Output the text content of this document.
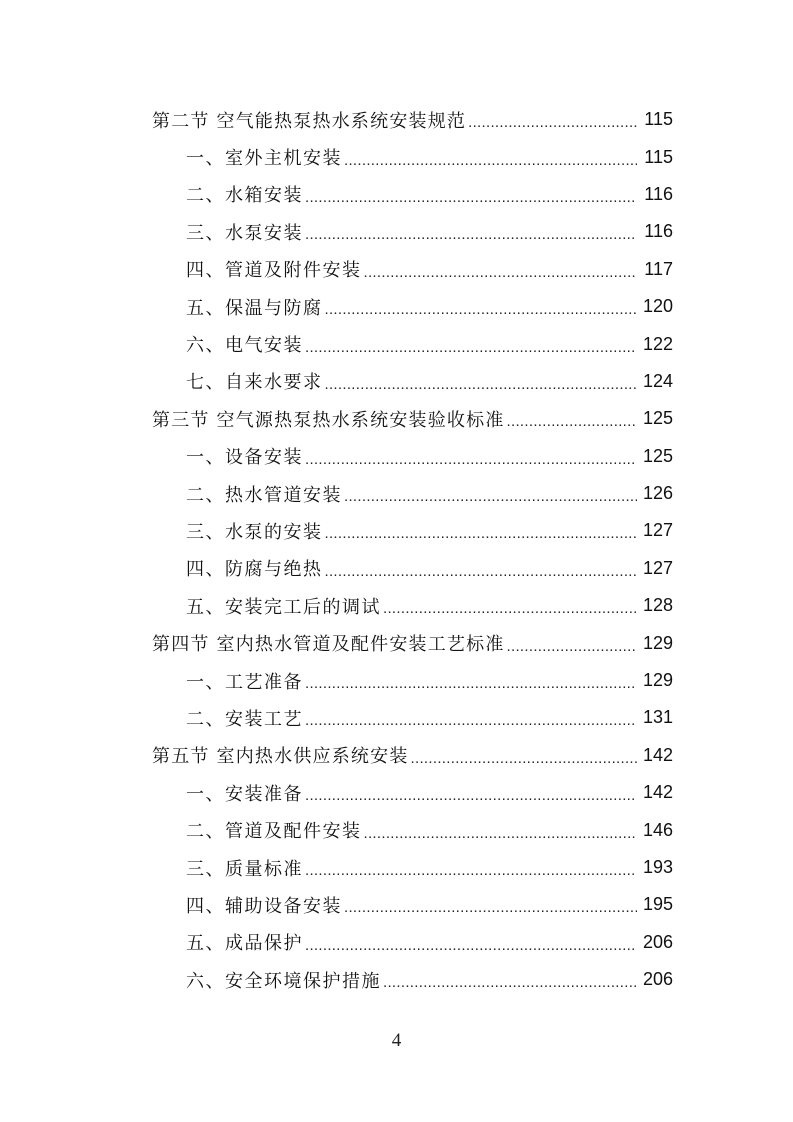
第二节 空气能热泵热水系统安装规范 .....	115
一、室外主机安装 .....	115
二、水箱安装 .....	116
三、水泵安装 .....	116
四、管道及附件安装 .....	117
五、保温与防腐 .....	120
六、电气安装 .....	122
七、自来水要求 .....	124
第三节 空气源热泵热水系统安装验收标准 .....	125
一、设备安装 .....	125
二、热水管道安装 .....	126
三、水泵的安装 .....	127
四、防腐与绝热 .....	127
五、安装完工后的调试 .....	128
第四节 室内热水管道及配件安装工艺标准 .....	129
一、工艺准备 .....	129
二、安装工艺 .....	131
第五节 室内热水供应系统安装 .....	142
一、安装准备 .....	142
二、管道及配件安装 .....	146
三、质量标准 .....	193
四、辅助设备安装 .....	195
五、成品保护 .....	206
六、安全环境保护措施 .....	206
4
